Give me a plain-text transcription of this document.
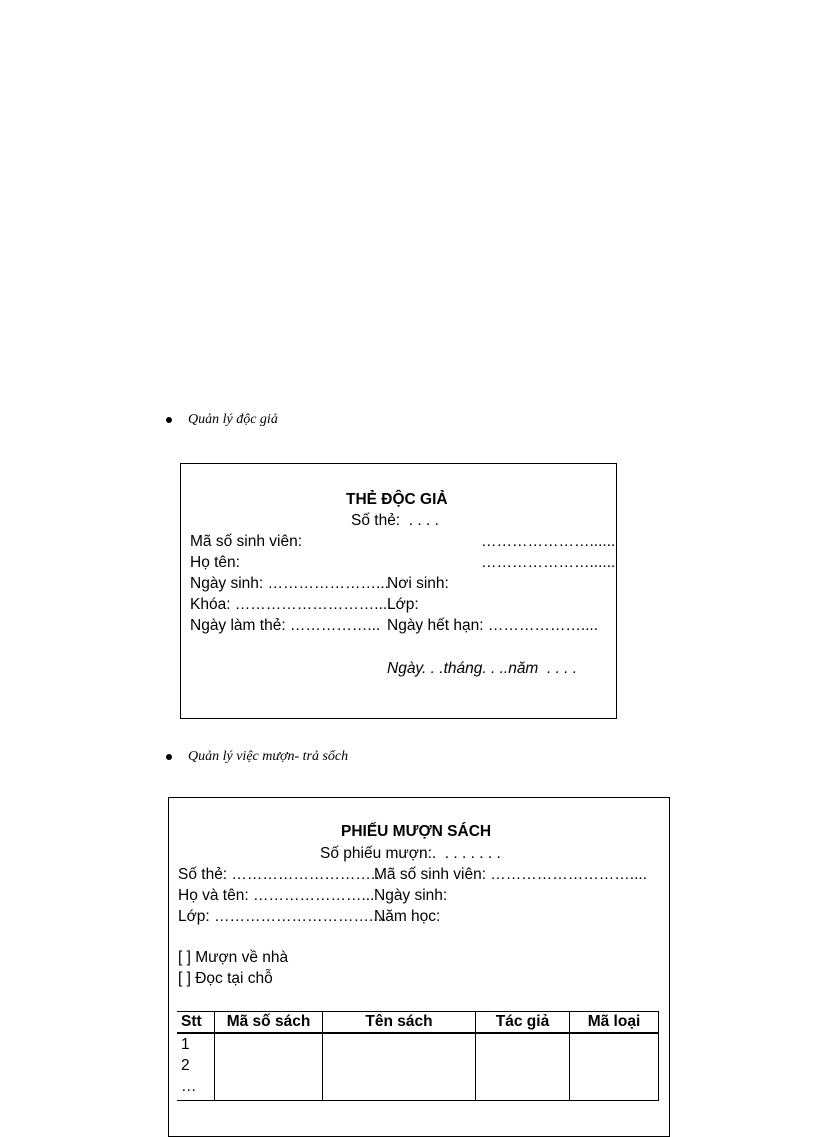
Quản lý độc giả
THẺ ĐỘC GIẢ
Số thẻ:  . . . .
Mã số sinh viên:	…………………......
Họ tên:	…………………......
Ngày sinh: …………………...
Nơi sinh:
Khóa: ………………………....
Lớp:
Ngày làm thẻ: ……………... Ngày hết hạn: ………………....
Ngày. . .tháng. . ..năm  . . . .
Quản lý việc mượn- trả sổch
PHIẾU MƯỢN SÁCH
Số phiếu mượn:.  . . . . . . .
Số thẻ: ………………………..
Mã số sinh viên: ………………………....
Họ và tên: …………………... Ngày sinh:
Lớp: …………………………....
Năm học:
[ ] Mượn về nhà
[ ] Đọc tại chỗ
Stt	Mã số sách	Tên sách	Tác giả	Mã loại
1
2
…				
